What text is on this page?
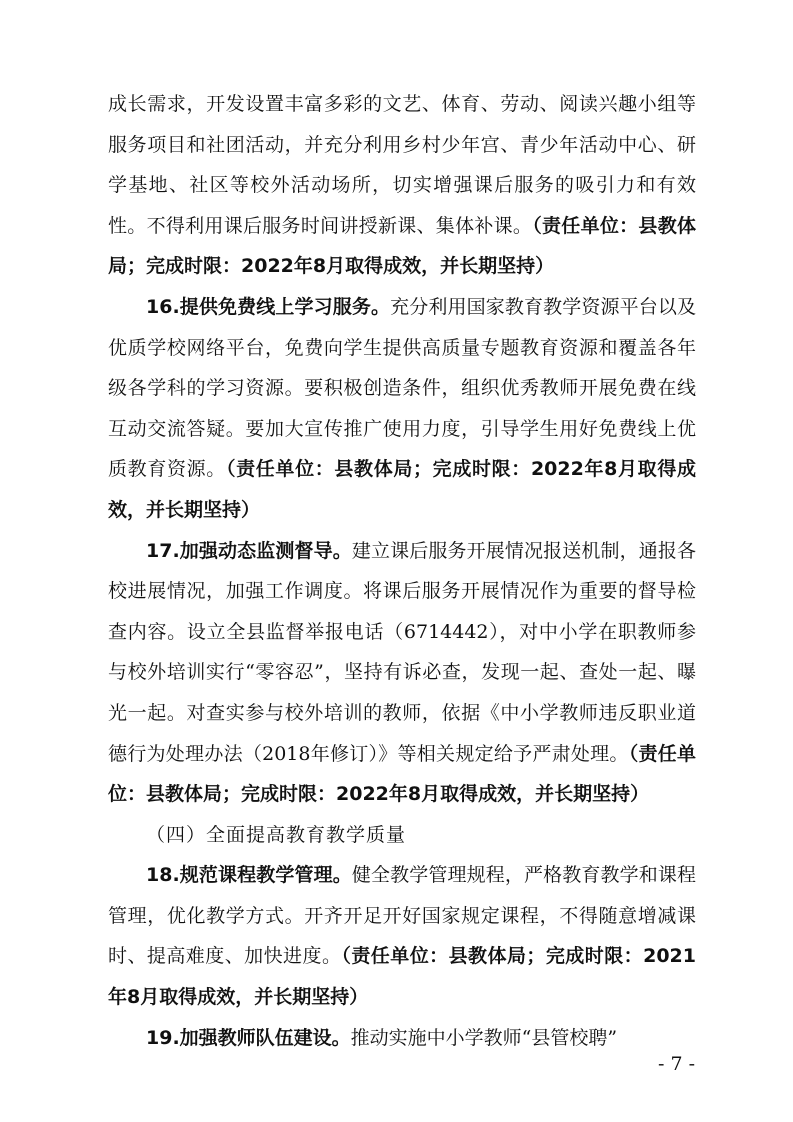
成长需求，开发设置丰富多彩的文艺、体育、劳动、阅读兴趣小组等服务项目和社团活动，并充分利用乡村少年宫、青少年活动中心、研学基地、社区等校外活动场所，切实增强课后服务的吸引力和有效性。不得利用课后服务时间讲授新课、集体补课。（责任单位：县教体局；完成时限：2022年8月取得成效，并长期坚持）

16.提供免费线上学习服务。充分利用国家教育教学资源平台以及优质学校网络平台，免费向学生提供高质量专题教育资源和覆盖各年级各学科的学习资源。要积极创造条件，组织优秀教师开展免费在线互动交流答疑。要加大宣传推广使用力度，引导学生用好免费线上优质教育资源。（责任单位：县教体局；完成时限：2022年8月取得成效，并长期坚持）

17.加强动态监测督导。建立课后服务开展情况报送机制，通报各校进展情况，加强工作调度。将课后服务开展情况作为重要的督导检查内容。设立全县监督举报电话（6714442），对中小学在职教师参与校外培训实行“零容忍”，坚持有诉必查，发现一起、查处一起、曝光一起。对查实参与校外培训的教师，依据《中小学教师违反职业道德行为处理办法（2018年修订）》等相关规定给予严肃处理。（责任单位：县教体局；完成时限：2022年8月取得成效，并长期坚持）

（四）全面提高教育教学质量

18.规范课程教学管理。健全教学管理规程，严格教育教学和课程管理，优化教学方式。开齐开足开好国家规定课程，不得随意增减课时、提高难度、加快进度。（责任单位：县教体局；完成时限：2021年8月取得成效，并长期坚持）

19.加强教师队伍建设。推动实施中小学教师“县管校聘”

- 7 -
